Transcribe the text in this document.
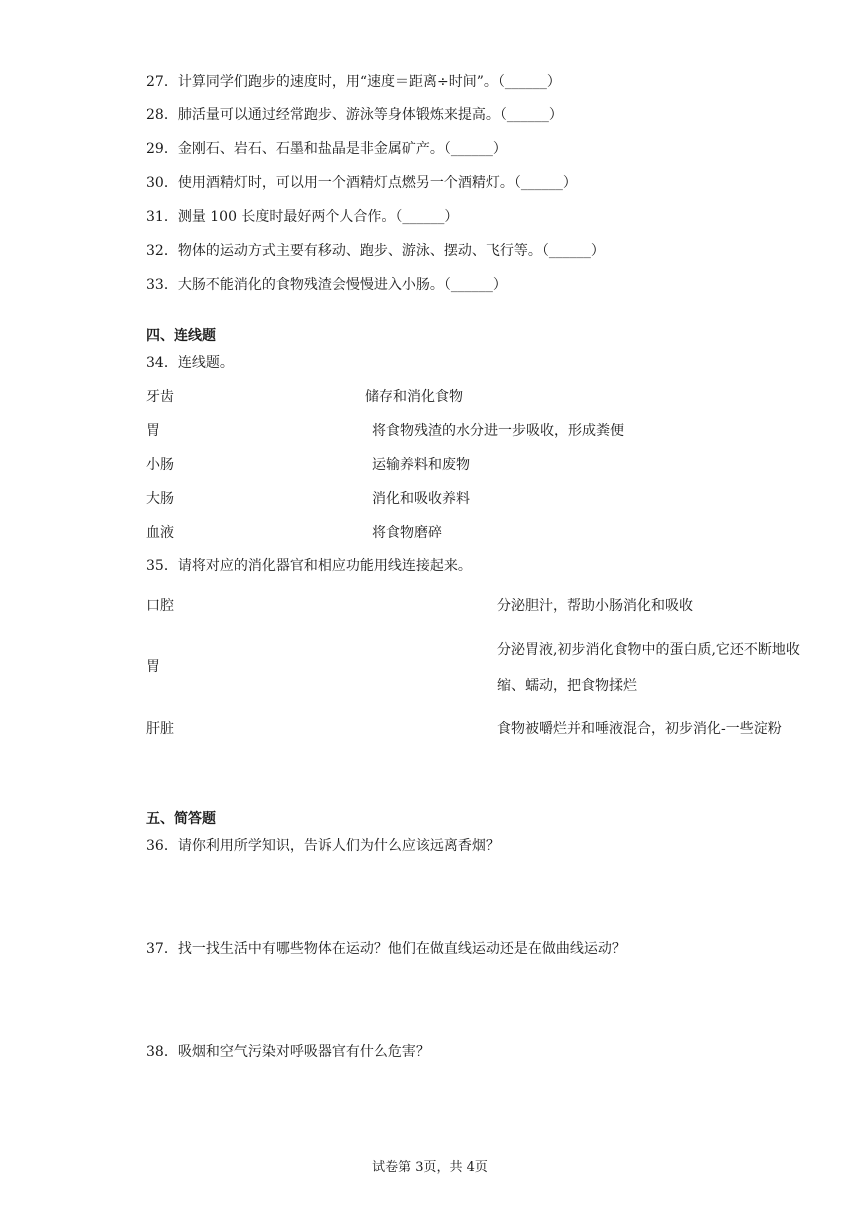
27．计算同学们跑步的速度时，用“速度＝距离÷时间”。（______）
28．肺活量可以通过经常跑步、游泳等身体锻炼来提高。（______）
29．金刚石、岩石、石墨和盐晶是非金属矿产。（______）
30．使用酒精灯时，可以用一个酒精灯点燃另一个酒精灯。（______）
31．测量 100 长度时最好两个人合作。（______）
32．物体的运动方式主要有移动、跑步、游泳、摆动、飞行等。（______）
33．大肠不能消化的食物残渣会慢慢进入小肠。（______）
四、连线题
34．连线题。
牙齿
胃
小肠
大肠
血液
储存和消化食物
将食物残渣的水分进一步吸收，形成粪便
运输养料和废物
消化和吸收养料
将食物磨碎
35．请将对应的消化器官和相应功能用线连接起来。
口腔
胃
肝脏
分泌胆汁，帮助小肠消化和吸收
分泌胃液,初步消化食物中的蛋白质,它还不断地收
缩、蠕动，把食物揉烂
食物被嚼烂并和唾液混合，初步消化-一些淀粉
五、简答题
36．请你利用所学知识，告诉人们为什么应该远离香烟？
37．找一找生活中有哪些物体在运动？他们在做直线运动还是在做曲线运动？
38．吸烟和空气污染对呼吸器官有什么危害？
试卷第 3页，共 4页
